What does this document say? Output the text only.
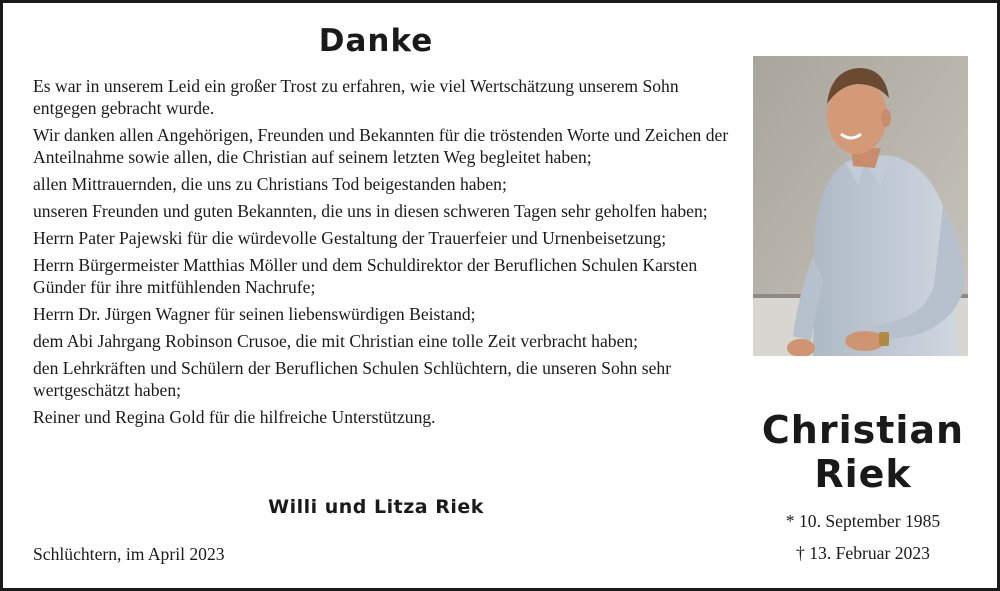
Danke

Es war in unserem Leid ein großer Trost zu erfahren, wie viel Wertschätzung unserem Sohn entgegen gebracht wurde.

Wir danken allen Angehörigen, Freunden und Bekannten für die tröstenden Worte und Zeichen der Anteilnahme sowie allen, die Christian auf seinem letzten Weg begleitet haben;

allen Mittrauernden, die uns zu Christians Tod beigestanden haben;

unseren Freunden und guten Bekannten, die uns in diesen schweren Tagen sehr geholfen haben;

Herrn Pater Pajewski für die würdevolle Gestaltung der Trauerfeier und Urnenbeisetzung;

Herrn Bürgermeister Matthias Möller und dem Schuldirektor der Beruflichen Schulen Karsten Günder für ihre mitfühlenden Nachrufe;

Herrn Dr. Jürgen Wagner für seinen liebenswürdigen Beistand;

dem Abi Jahrgang Robinson Crusoe, die mit Christian eine tolle Zeit verbracht haben;

den Lehrkräften und Schülern der Beruflichen Schulen Schlüchtern, die unseren Sohn sehr wertgeschätzt haben;

Reiner und Regina Gold für die hilfreiche Unterstützung.

Willi und Litza Riek
Schlüchtern, im April 2023
Christian
Riek
* 10. September 1985
† 13. Februar 2023
